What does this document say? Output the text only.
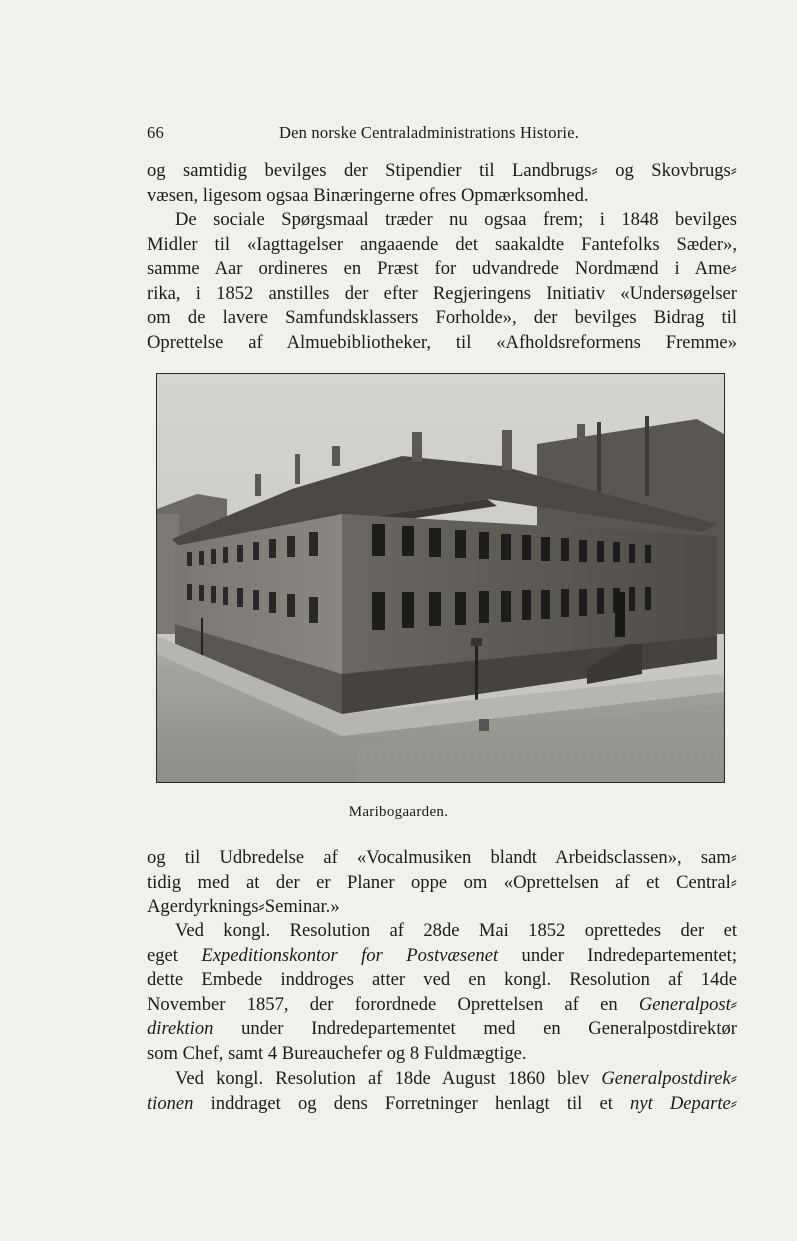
66	Den norske Centraladministrations Historie.

og samtidig bevilges der Stipendier til Landbrugs⸗ og Skovbrugs⸗
væsen, ligesom ogsaa Binæringerne ofres Opmærksomhed.

De sociale Spørgsmaal træder nu ogsaa frem; i 1848 bevilges
Midler til «Iagttagelser angaaende det saakaldte Fantefolks Sæder»,
samme Aar ordineres en Præst for udvandrede Nordmænd i Ame⸗
rika, i 1852 anstilles der efter Regjeringens Initiativ «Undersøgelser
om de lavere Samfundsklassers Forholde», der bevilges Bidrag til
Oprettelse af Almuebibliotheker, til «Afholdsreformens Fremme»

Maribogaarden.

og til Udbredelse af «Vocalmusiken blandt Arbeidsclassen», sam⸗
tidig med at der er Planer oppe om «Oprettelsen af et Central⸗
Agerdyrknings⸗Seminar.»

Ved kongl. Resolution af 28de Mai 1852 oprettedes der et
eget Expeditionskontor for Postvæsenet under Indredepartementet;
dette Embede inddroges atter ved en kongl. Resolution af 14de
November 1857, der forordnede Oprettelsen af en Generalpost⸗
direktion under Indredepartementet med en Generalpostdirektør
som Chef, samt 4 Bureauchefer og 8 Fuldmægtige.

Ved kongl. Resolution af 18de August 1860 blev Generalpostdirek⸗
tionen inddraget og dens Forretninger henlagt til et nyt Departe⸗
